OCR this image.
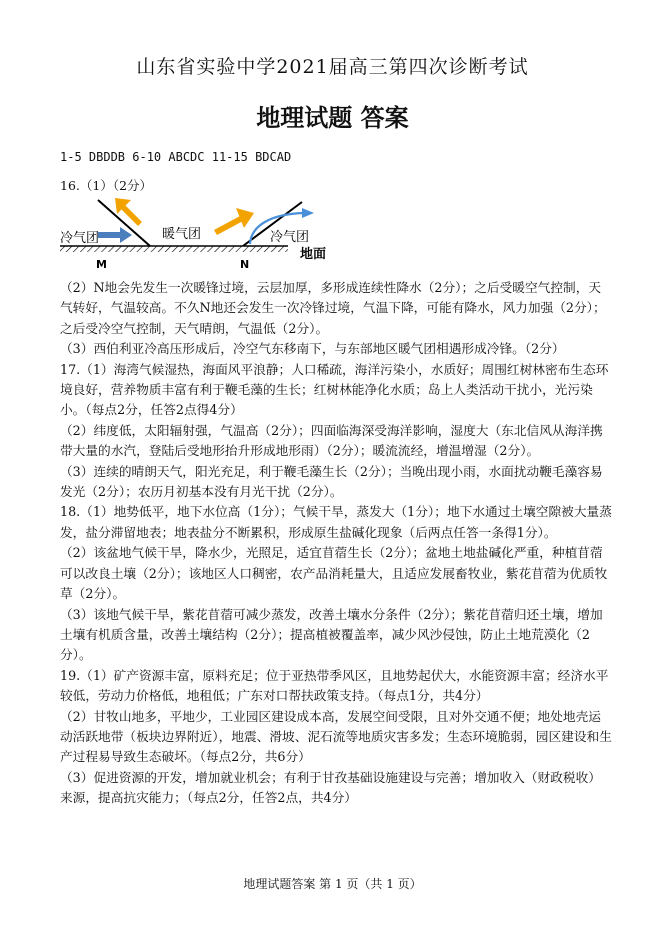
山东省实验中学2021届高三第四次诊断考试
地理试题 答案
1-5 DBDDB 6-10 ABCDC 11-15 BDCAD
16.（1）（2分）
冷气团	暖气团	冷气团
地面
M	N

（2）N地会先发生一次暖锋过境，云层加厚，多形成连续性降水（2分）；之后受暖空气控制，天气转好，气温较高。不久N地还会发生一次冷锋过境，气温下降，可能有降水，风力加强（2分）；之后受冷空气控制，天气晴朗，气温低（2分）。

（3）西伯利亚冷高压形成后，冷空气东移南下，与东部地区暖气团相遇形成冷锋。（2分）

17.（1）海湾气候湿热，海面风平浪静；人口稀疏，海洋污染小，水质好；周围红树林密布生态环境良好，营养物质丰富有利于鞭毛藻的生长；红树林能净化水质；岛上人类活动干扰小，光污染小。（每点2分，任答2点得4分）

（2）纬度低，太阳辐射强，气温高（2分）；四面临海深受海洋影响，湿度大（东北信风从海洋携带大量的水汽，登陆后受地形抬升形成地形雨）（2分）；暖流流经，增温增湿（2分）。

（3）连续的晴朗天气，阳光充足，利于鞭毛藻生长（2分）；当晚出现小雨，水面扰动鞭毛藻容易发光（2分）；农历月初基本没有月光干扰（2分）。

18.（1）地势低平，地下水位高（1分）；气候干旱，蒸发大（1分）；地下水通过土壤空隙被大量蒸发，盐分滞留地表；地表盐分不断累积，形成原生盐碱化现象（后两点任答一条得1分）。

（2）该盆地气候干旱，降水少，光照足，适宜苜蓿生长（2分）；盆地土地盐碱化严重，种植苜蓿可以改良土壤（2分）；该地区人口稠密，农产品消耗量大，且适应发展畜牧业，紫花苜蓿为优质牧草（2分）。

（3）该地气候干旱，紫花苜蓿可减少蒸发，改善土壤水分条件（2分）；紫花苜蓿归还土壤，增加土壤有机质含量，改善土壤结构（2分）；提高植被覆盖率，减少风沙侵蚀，防止土地荒漠化（2分）。

19.（1）矿产资源丰富，原料充足；位于亚热带季风区，且地势起伏大，水能资源丰富；经济水平较低，劳动力价格低，地租低；广东对口帮扶政策支持。（每点1分，共4分）

（2）甘牧山地多，平地少，工业园区建设成本高，发展空间受限，且对外交通不便；地处地壳运动活跃地带（板块边界附近），地震、滑坡、泥石流等地质灾害多发；生态环境脆弱，园区建设和生产过程易导致生态破坏。（每点2分，共6分）

（3）促进资源的开发，增加就业机会；有利于甘孜基础设施建设与完善；增加收入（财政税收）来源，提高抗灾能力；（每点2分，任答2点，共4分）

地理试题答案 第 1 页（共 1 页）
